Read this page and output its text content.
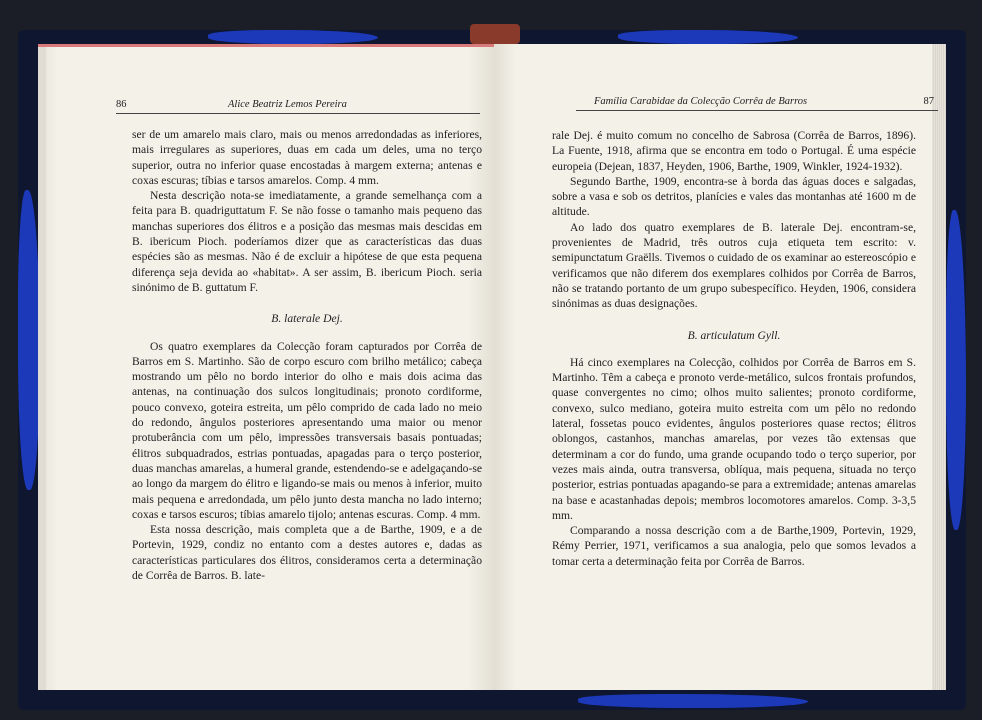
86	Alice Beatriz Lemos Pereira

ser de um amarelo mais claro, mais ou menos arredondadas as inferiores, mais irregulares as superiores, duas em cada um deles, uma no terço superior, outra no inferior quase encostadas à margem externa; antenas e coxas escuras; tíbias e tarsos amarelos. Comp. 4 mm.

Nesta descrição nota-se imediatamente, a grande semelhança com a feita para B. quadriguttatum F. Se não fosse o tamanho mais pequeno das manchas superiores dos élitros e a posição das mesmas mais descidas em B. ibericum Pioch. poderíamos dizer que as características das duas espécies são as mesmas. Não é de excluir a hipótese de que esta pequena diferença seja devida ao «habitat». A ser assim, B. ibericum Pioch. seria sinónimo de B. guttatum F.

B. laterale Dej.

Os quatro exemplares da Colecção foram capturados por Corrêa de Barros em S. Martinho. São de corpo escuro com brilho metálico; cabeça mostrando um pêlo no bordo interior do olho e mais dois acima das antenas, na continuação dos sulcos longitudinais; pronoto cordiforme, pouco convexo, goteira estreita, um pêlo comprido de cada lado no meio do redondo, ângulos posteriores apresentando uma maior ou menor protuberância com um pêlo, impressões transversais basais pontuadas; élitros subquadrados, estrias pontuadas, apagadas para o terço posterior, duas manchas amarelas, a humeral grande, estendendo-se e adelgaçando-se ao longo da margem do élitro e ligando-se mais ou menos à inferior, muito mais pequena e arredondada, um pêlo junto desta mancha no lado interno; coxas e tarsos escuros; tíbias amarelo tijolo; antenas escuras. Comp. 4 mm.

Esta nossa descrição, mais completa que a de Barthe, 1909, e a de Portevin, 1929, condiz no entanto com a destes autores e, dadas as características particulares dos élitros, consideramos certa a determinação de Corrêa de Barros. B. late-

Família Carabidae da Colecção Corrêa de Barros	87

rale Dej. é muito comum no concelho de Sabrosa (Corrêa de Barros, 1896). La Fuente, 1918, afirma que se encontra em todo o Portugal. É uma espécie europeia (Dejean, 1837, Heyden, 1906, Barthe, 1909, Winkler, 1924-1932).

Segundo Barthe, 1909, encontra-se à borda das águas doces e salgadas, sobre a vasa e sob os detritos, planícies e vales das montanhas até 1600 m de altitude.

Ao lado dos quatro exemplares de B. laterale Dej. encontram-se, provenientes de Madrid, três outros cuja etiqueta tem escrito: v. semipunctatum Graëlls. Tivemos o cuidado de os examinar ao estereoscópio e verificamos que não diferem dos exemplares colhidos por Corrêa de Barros, não se tratando portanto de um grupo subespecífico. Heyden, 1906, considera sinónimas as duas designações.

B. articulatum Gyll.

Há cinco exemplares na Colecção, colhidos por Corrêa de Barros em S. Martinho. Têm a cabeça e pronoto verde-metálico, sulcos frontais profundos, quase convergentes no cimo; olhos muito salientes; pronoto cordiforme, convexo, sulco mediano, goteira muito estreita com um pêlo no redondo lateral, fossetas pouco evidentes, ângulos posteriores quase rectos; élitros oblongos, castanhos, manchas amarelas, por vezes tão extensas que determinam a cor do fundo, uma grande ocupando todo o terço superior, por vezes mais ainda, outra transversa, oblíqua, mais pequena, situada no terço posterior, estrias pontuadas apagando-se para a extremidade; antenas amarelas na base e acastanhadas depois; membros locomotores amarelos. Comp. 3-3,5 mm.

Comparando a nossa descrição com a de Barthe,1909, Portevin, 1929, Rémy Perrier, 1971, verificamos a sua analogia, pelo que somos levados a tomar certa a determinação feita por Corrêa de Barros.
